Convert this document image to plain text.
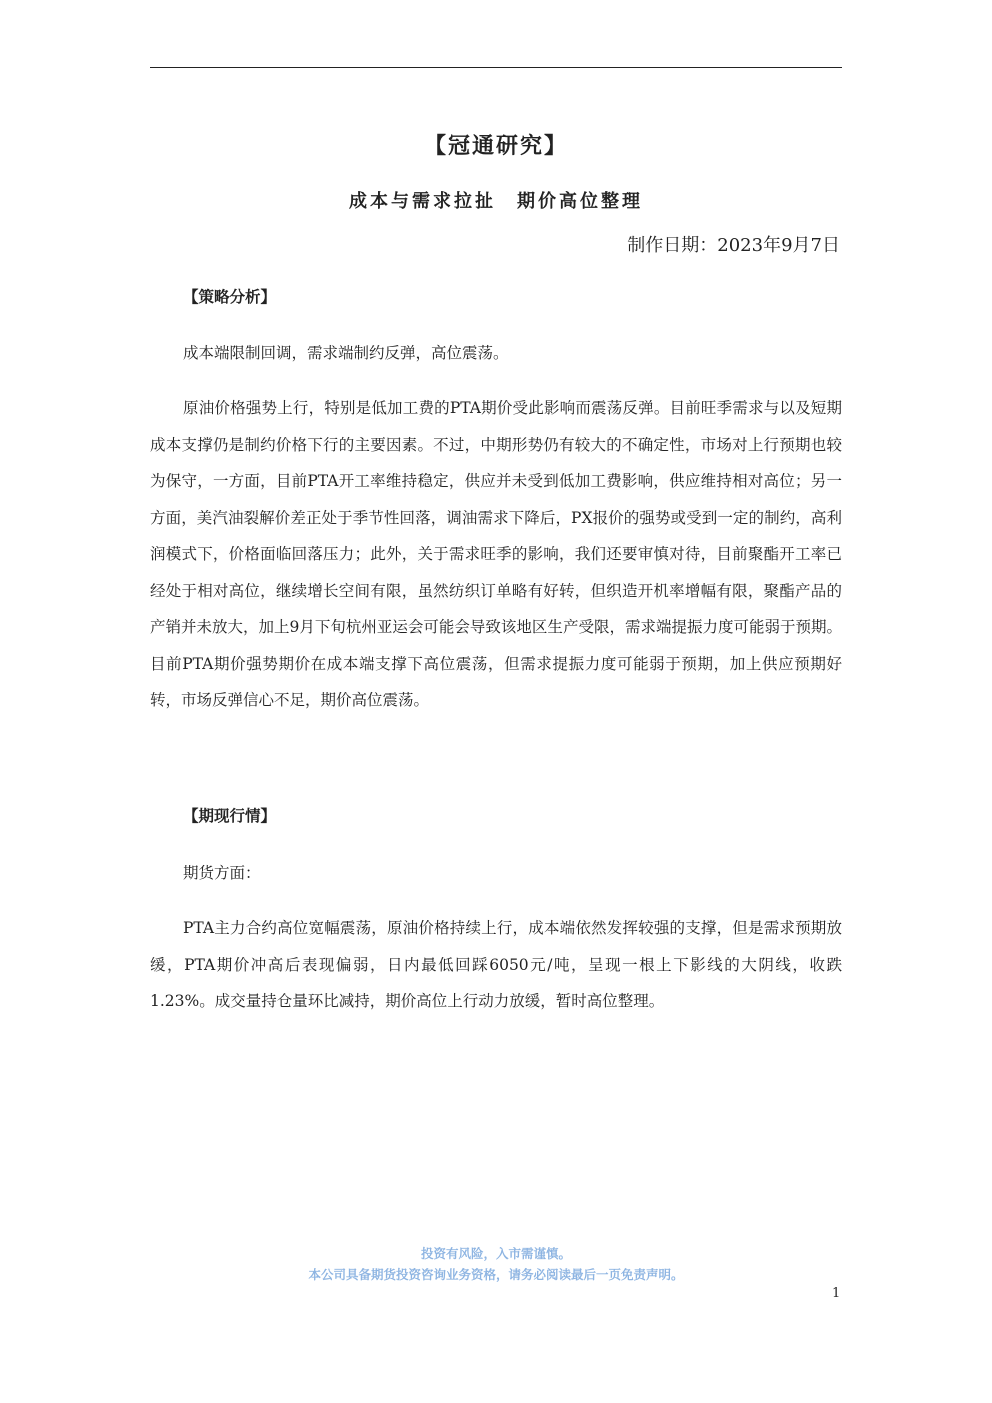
【冠通研究】
成本与需求拉扯　期价高位整理
制作日期：2023年9月7日
【策略分析】

成本端限制回调，需求端制约反弹，高位震荡。

原油价格强势上行，特别是低加工费的PTA期价受此影响而震荡反弹。目前旺季需求与以及短期成本支撑仍是制约价格下行的主要因素。不过，中期形势仍有较大的不确定性，市场对上行预期也较为保守，一方面，目前PTA开工率维持稳定，供应并未受到低加工费影响，供应维持相对高位；另一方面，美汽油裂解价差正处于季节性回落，调油需求下降后，PX报价的强势或受到一定的制约，高利润模式下，价格面临回落压力；此外，关于需求旺季的影响，我们还要审慎对待，目前聚酯开工率已经处于相对高位，继续增长空间有限，虽然纺织订单略有好转，但织造开机率增幅有限，聚酯产品的产销并未放大，加上9月下旬杭州亚运会可能会导致该地区生产受限，需求端提振力度可能弱于预期。目前PTA期价强势期价在成本端支撑下高位震荡，但需求提振力度可能弱于预期，加上供应预期好转，市场反弹信心不足，期价高位震荡。

【期现行情】

期货方面：

PTA主力合约高位宽幅震荡，原油价格持续上行，成本端依然发挥较强的支撑，但是需求预期放缓，PTA期价冲高后表现偏弱，日内最低回踩6050元/吨，呈现一根上下影线的大阴线，收跌1.23%。成交量持仓量环比减持，期价高位上行动力放缓，暂时高位整理。

投资有风险，入市需谨慎。
本公司具备期货投资咨询业务资格，请务必阅读最后一页免责声明。
1
